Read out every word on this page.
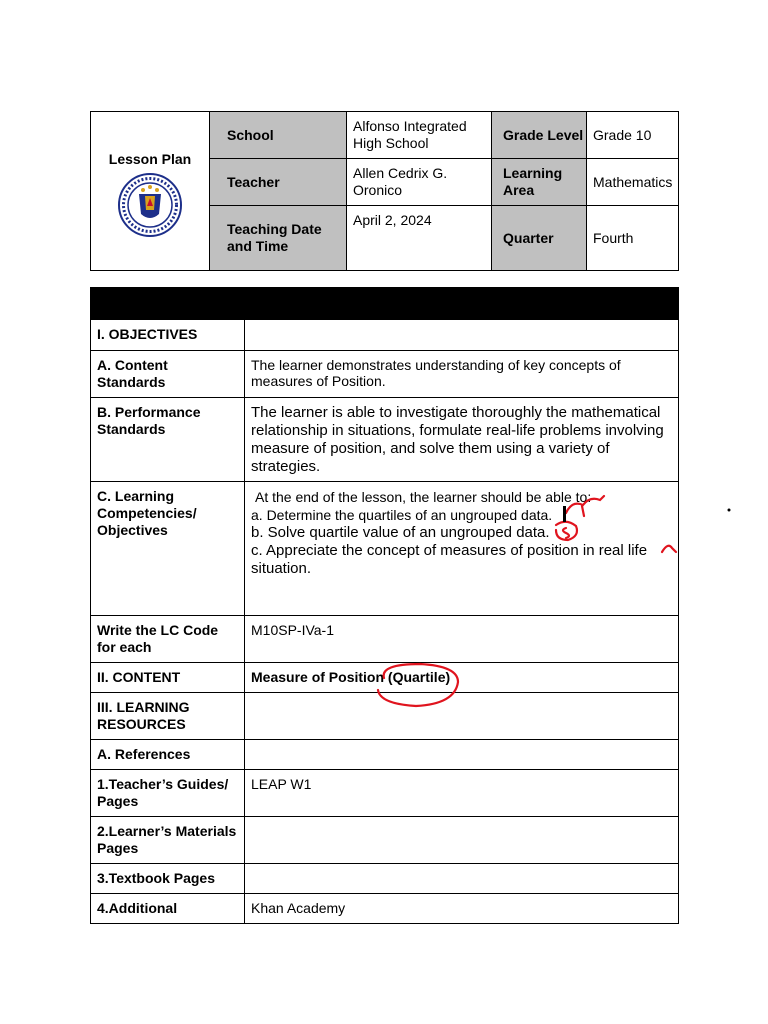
Lesson Plan	School	Alfonso Integrated High School	Grade Level	Grade 10
	Teacher	Allen Cedrix G. Oronico	Learning Area	Mathematics
	Teaching Date and Time	April 2, 2024	Quarter	Fourth

I. OBJECTIVES	
A. Content Standards	The learner demonstrates understanding of key concepts of measures of Position.
B. Performance Standards	The learner is able to investigate thoroughly the mathematical relationship in situations, formulate real-life problems involving measure of position, and solve them using a variety of strategies.
C. Learning Competencies/ Objectives	At the end of the lesson, the learner should be able to:
a. Determine the quartiles of an ungrouped data.
b. Solve quartile value of an ungrouped data.
c. Appreciate the concept of measures of position in real life situation.

Write the LC Code for each	M10SP-IVa-1
II. CONTENT	Measure of Position (Quartile)
III. LEARNING RESOURCES	
A. References	
1.Teacher’s Guides/ Pages	LEAP W1
2.Learner’s Materials Pages	
3.Textbook Pages	
4.Additional	Khan Academy
